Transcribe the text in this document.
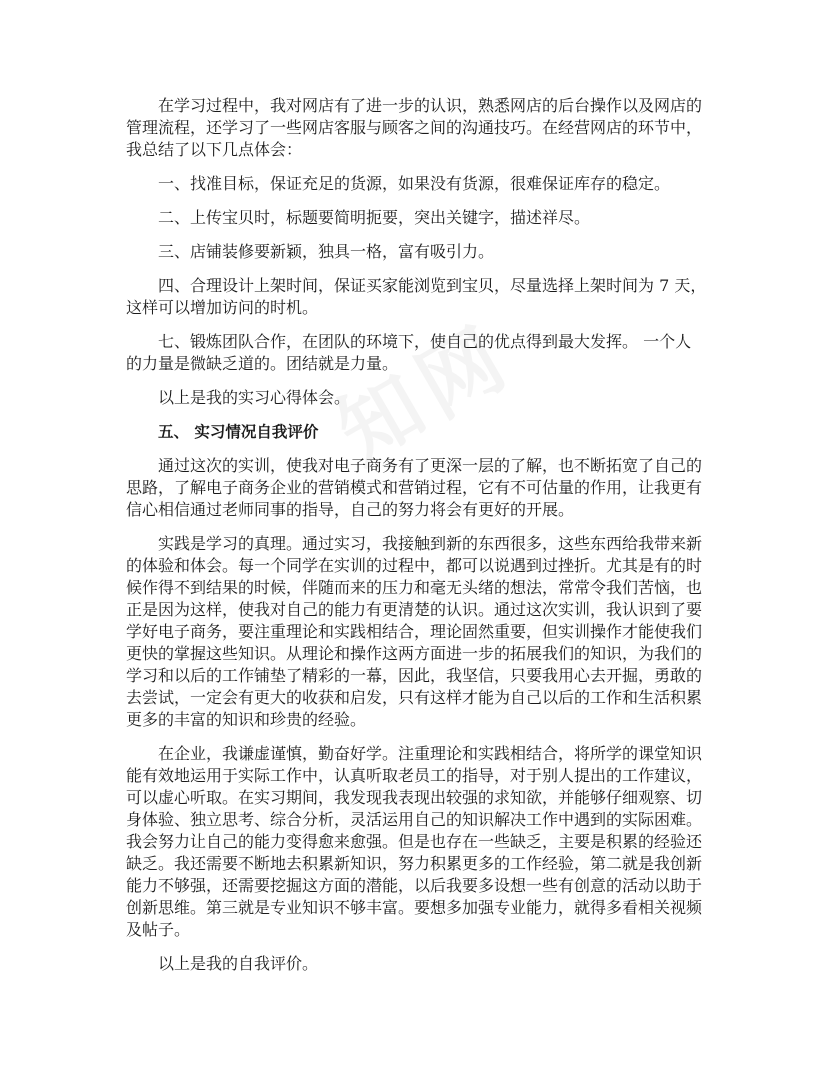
在学习过程中，我对网店有了进一步的认识，熟悉网店的后台操作以及网店的
管理流程，还学习了一些网店客服与顾客之间的沟通技巧。在经营网店的环节中，
我总结了以下几点体会：

一、找准目标，保证充足的货源，如果没有货源，很难保证库存的稳定。

二、上传宝贝时，标题要简明扼要，突出关键字，描述祥尽。

三、店铺装修要新颖，独具一格，富有吸引力。

四、合理设计上架时间，保证买家能浏览到宝贝，尽量选择上架时间为 7 天，
这样可以增加访问的时机。

七、锻炼团队合作，在团队的环境下，使自己的优点得到最大发挥。 一个人
的力量是微缺乏道的。团结就是力量。

以上是我的实习心得体会。

五、 实习情况自我评价

通过这次的实训，使我对电子商务有了更深一层的了解，也不断拓宽了自己的
思路，了解电子商务企业的营销模式和营销过程，它有不可估量的作用，让我更有
信心相信通过老师同事的指导，自己的努力将会有更好的开展。

实践是学习的真理。通过实习，我接触到新的东西很多，这些东西给我带来新
的体验和体会。每一个同学在实训的过程中，都可以说遇到过挫折。尤其是有的时
候作得不到结果的时候，伴随而来的压力和毫无头绪的想法，常常令我们苦恼，也
正是因为这样，使我对自己的能力有更清楚的认识。通过这次实训，我认识到了要
学好电子商务，要注重理论和实践相结合，理论固然重要，但实训操作才能使我们
更快的掌握这些知识。从理论和操作这两方面进一步的拓展我们的知识，为我们的
学习和以后的工作铺垫了精彩的一幕，因此，我坚信，只要我用心去开掘，勇敢的
去尝试，一定会有更大的收获和启发，只有这样才能为自己以后的工作和生活积累
更多的丰富的知识和珍贵的经验。

在企业，我谦虚谨慎，勤奋好学。注重理论和实践相结合，将所学的课堂知识
能有效地运用于实际工作中，认真听取老员工的指导，对于别人提出的工作建议，
可以虚心听取。在实习期间，我发现我表现出较强的求知欲，并能够仔细观察、切
身体验、独立思考、综合分析，灵活运用自己的知识解决工作中遇到的实际困难。
我会努力让自己的能力变得愈来愈强。但是也存在一些缺乏，主要是积累的经验还
缺乏。我还需要不断地去积累新知识，努力积累更多的工作经验，第二就是我创新
能力不够强，还需要挖掘这方面的潜能，以后我要多设想一些有创意的活动以助于
创新思维。第三就是专业知识不够丰富。要想多加强专业能力，就得多看相关视频
及帖子。

以上是我的自我评价。
